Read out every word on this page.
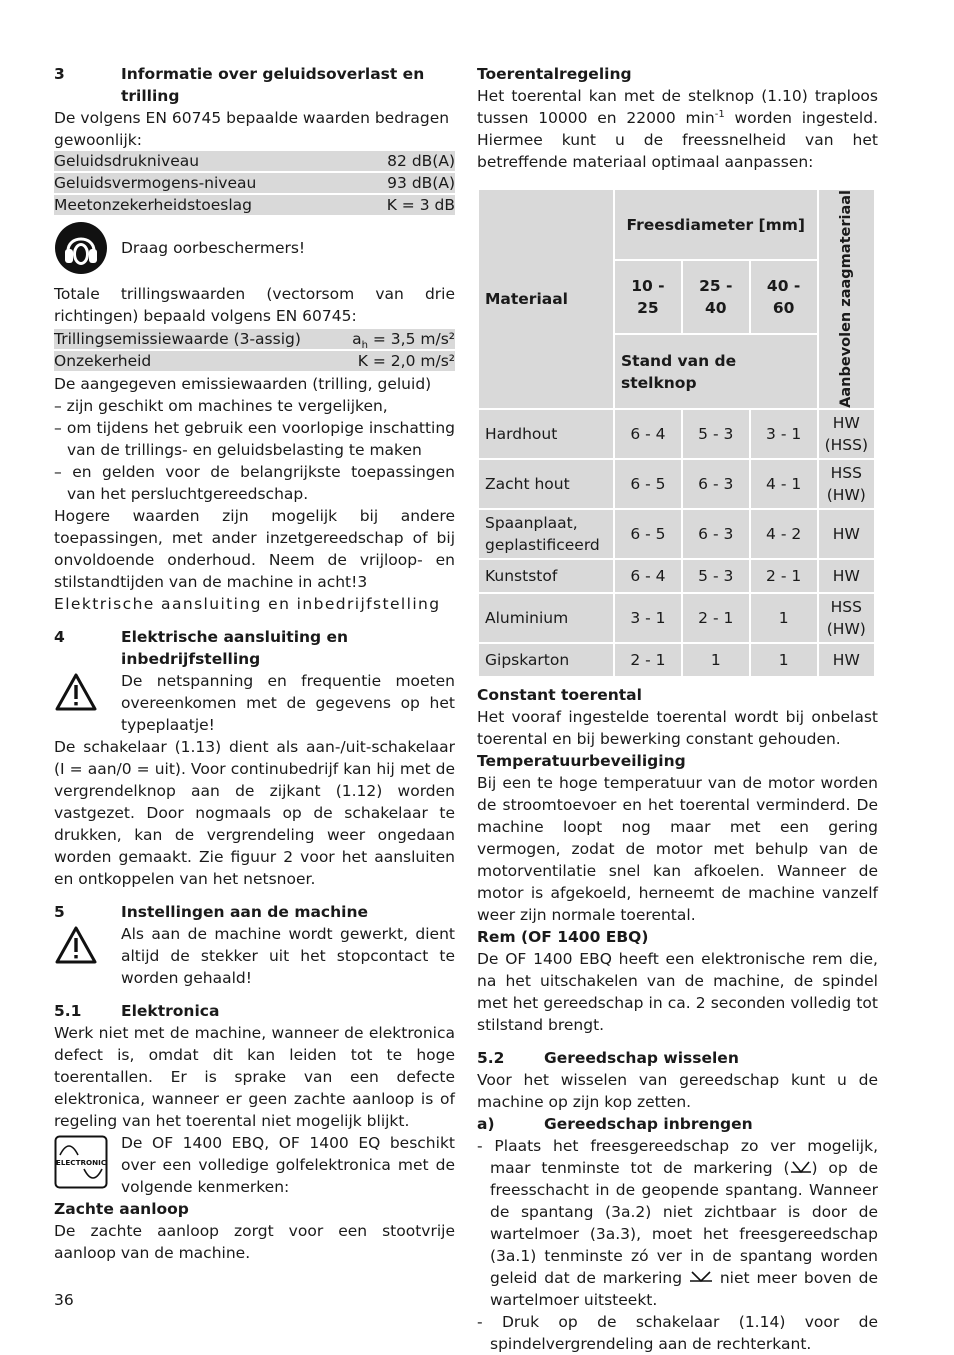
3	Informatie over geluidsoverlast en trilling

De volgens EN 60745 bepaalde waarden bedragen gewoonlijk:

Geluidsdrukniveau	82 dB(A)
Geluidsvermogens-niveau	93 dB(A)
Meetonzekerheidstoeslag	K = 3 dB
Draag oorbeschermers!

Totale trillingswaarden (vectorsom van drie richtingen) bepaald volgens EN 60745:

Trillingsemissiewaarde (3-assig)	$a_h = 3,5$ m/s²
Onzekerheid	K = 2,0 m/s²

De aangegeven emissiewaarden (trilling, geluid)

– zijn geschikt om machines te vergelijken,

– om tijdens het gebruik een voorlopige inschatting van de trillings- en geluidsbelasting te maken

– en gelden voor de belangrijkste toepassingen van het persluchtgereedschap.

Hogere waarden zijn mogelijk bij andere toepassingen, met ander inzetgereedschap of bij onvoldoende onderhoud. Neem de vrijloop- en stilstandtijden van de machine in acht!3

Elektrische aansluiting en inbedrijfstelling

4	Elektrische aansluiting en inbedrijfstelling

De netspanning en frequentie moeten overeenkomen met de gegevens op het typeplaatje!

De schakelaar (1.13) dient als aan-/uit-schakelaar (I = aan/0 = uit). Voor continubedrijf kan hij met de vergrendelknop aan de zijkant (1.12) worden vastgezet. Door nogmaals op de schakelaar te drukken, kan de vergrendeling weer ongedaan worden gemaakt. Zie figuur 2 voor het aansluiten en ontkoppelen van het netsnoer.

5	Instellingen aan de machine

Als aan de machine wordt gewerkt, dient altijd de stekker uit het stopcontact te worden gehaald!

5.1	Elektronica

Werk niet met de machine, wanneer de elektronica defect is, omdat dit kan leiden tot te hoge toerentallen. Er is sprake van een defecte elektronica, wanneer er geen zachte aanloop is of regeling van het toerental niet mogelijk blijkt.

ELECTRONIC

De OF 1400 EBQ, OF 1400 EQ beschikt over een volledige golfelektronica met de volgende kenmerken:

Zachte aanloop

De zachte aanloop zorgt voor een stootvrije aanloop van de machine.

36

Toerentalregeling

Het toerental kan met de stelknop (1.10) traploos tussen 10000 en 22000 $\min^{-1}$ worden ingesteld. Hiermee kunt u de freessnelheid van het betreffende materiaal optimaal aanpassen:

Materiaal	Freesdiameter [mm]			Aanbevolen zaagmateriaal

	10 - 25	25 - 40	40 - 60	
	Stand van de stelknop			
Hardhout	6 - 4	5 - 3	3 - 1	HW (HSS)
Zacht hout	6 - 5	6 - 3	4 - 1	HSS (HW)
Spaanplaat, geplastificeerd	6 - 5	6 - 3	4 - 2	HW
Kunststof	6 - 4	5 - 3	2 - 1	HW
Aluminium	3 - 1	2 - 1	1	HSS (HW)
Gipskarton	2 - 1	1	1	HW

Constant toerental

Het vooraf ingestelde toerental wordt bij onbelast toerental en bij bewerking constant gehouden.

Temperatuurbeveiliging

Bij een te hoge temperatuur van de motor worden de stroomtoevoer en het toerental verminderd. De machine loopt nog maar met een gering vermogen, zodat de motor met behulp van de motorventilatie snel kan afkoelen. Wanneer de motor is afgekoeld, herneemt de machine vanzelf weer zijn normale toerental.

Rem (OF 1400 EBQ)

De OF 1400 EBQ heeft een elektronische rem die, na het uitschakelen van de machine, de spindel met het gereedschap in ca. 2 seconden volledig tot stilstand brengt.

5.2	Gereedschap wisselen

Voor het wisselen van gereedschap kunt u de machine op zijn kop zetten.

a)	Gereedschap inbrengen

- Plaats het freesgereedschap zo ver mogelijk, maar tenminste tot de markering ( ) op de freesschacht in de geopende spantang. Wanneer de spantang (3a.2) niet zichtbaar is door de wartelmoer (3a.3), moet het freesgereedschap (3a.1) tenminste zó ver in de spantang worden geleid dat de markering  niet meer boven de wartelmoer uitsteekt.

- Druk op de schakelaar (1.14) voor de spindelvergrendeling aan de rechterkant.
